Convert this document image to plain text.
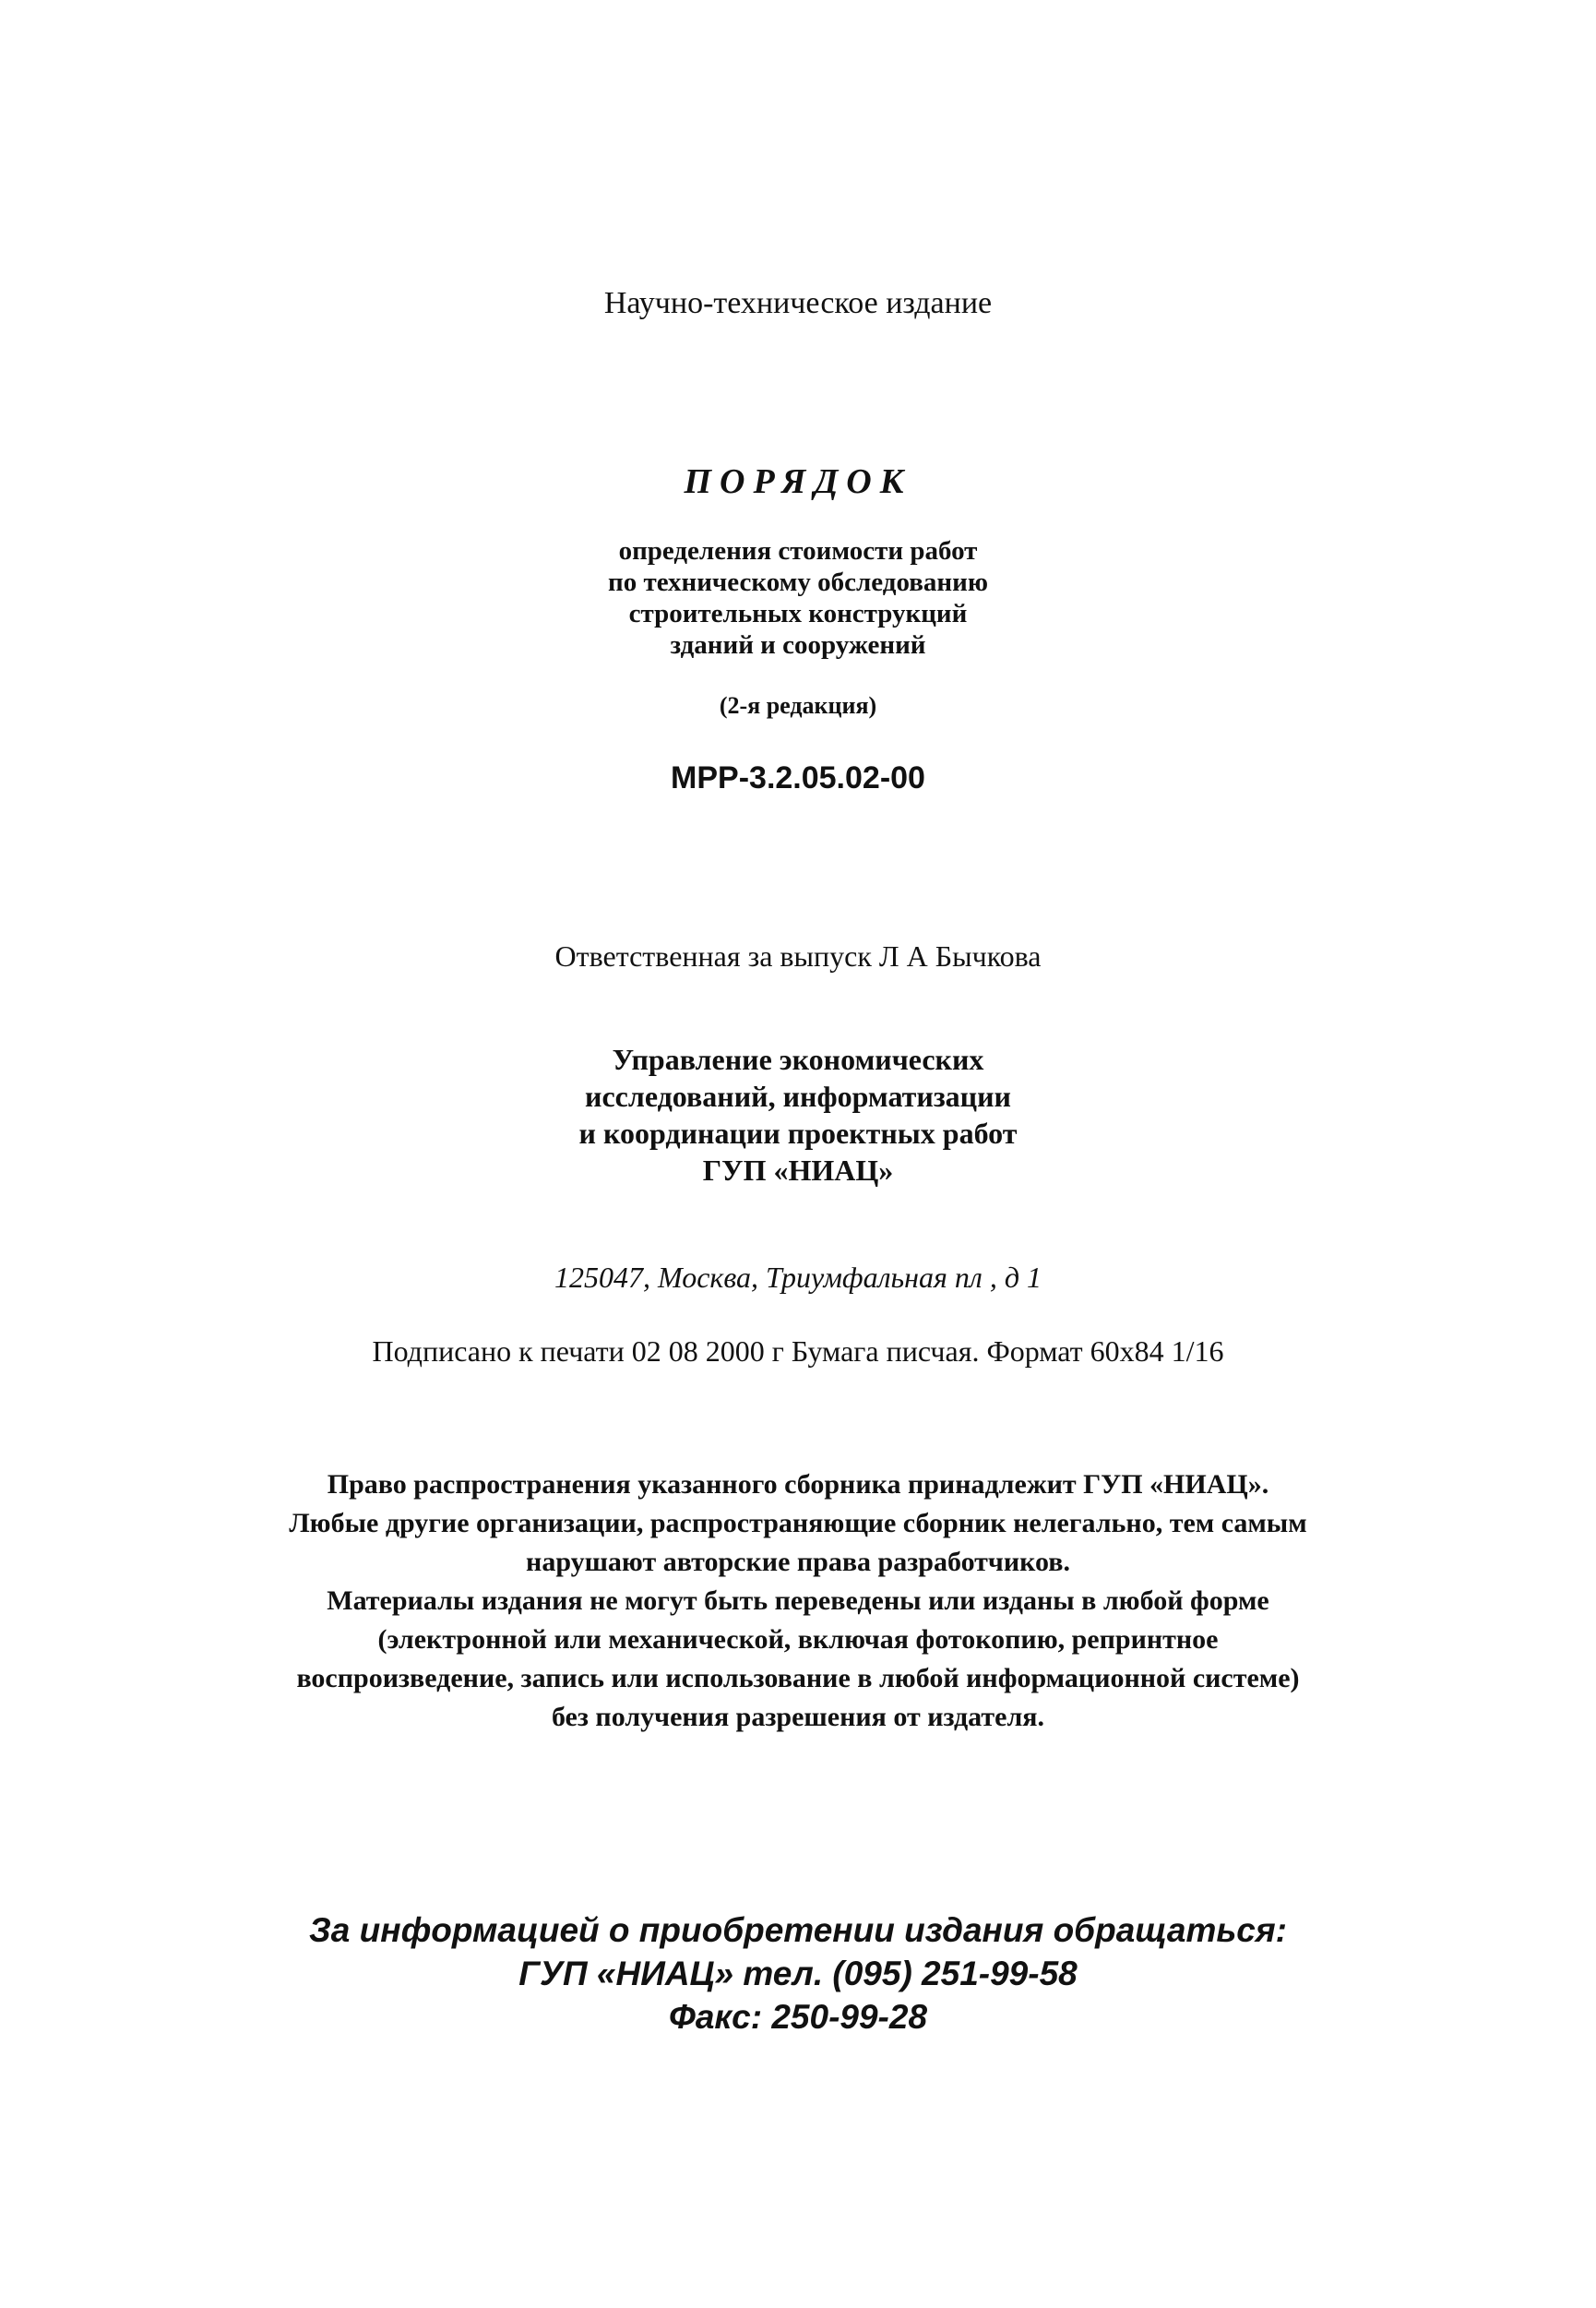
Научно-техническое издание
ПОРЯДОК
определения стоимости работ
по техническому обследованию
строительных конструкций
зданий и сооружений
(2-я редакция)
МРР-3.2.05.02-00
Ответственная за выпуск Л А Бычкова
Управление экономических
исследований, информатизации
и координации проектных работ
ГУП «НИАЦ»
125047, Москва, Триумфальная пл , д 1
Подписано к печати 02 08 2000 г Бумага писчая. Формат 60x84 1/16
Право распространения указанного сборника принадлежит ГУП «НИАЦ».
Любые другие организации, распространяющие сборник нелегально, тем самым
нарушают авторские права разработчиков.
Материалы издания не могут быть переведены или изданы в любой форме
(электронной или механической, включая фотокопию, репринтное
воспроизведение, запись или использование в любой информационной системе)
без получения разрешения от издателя.
За информацией о приобретении издания обращаться:
ГУП «НИАЦ» тел. (095) 251-99-58
Факс: 250-99-28
